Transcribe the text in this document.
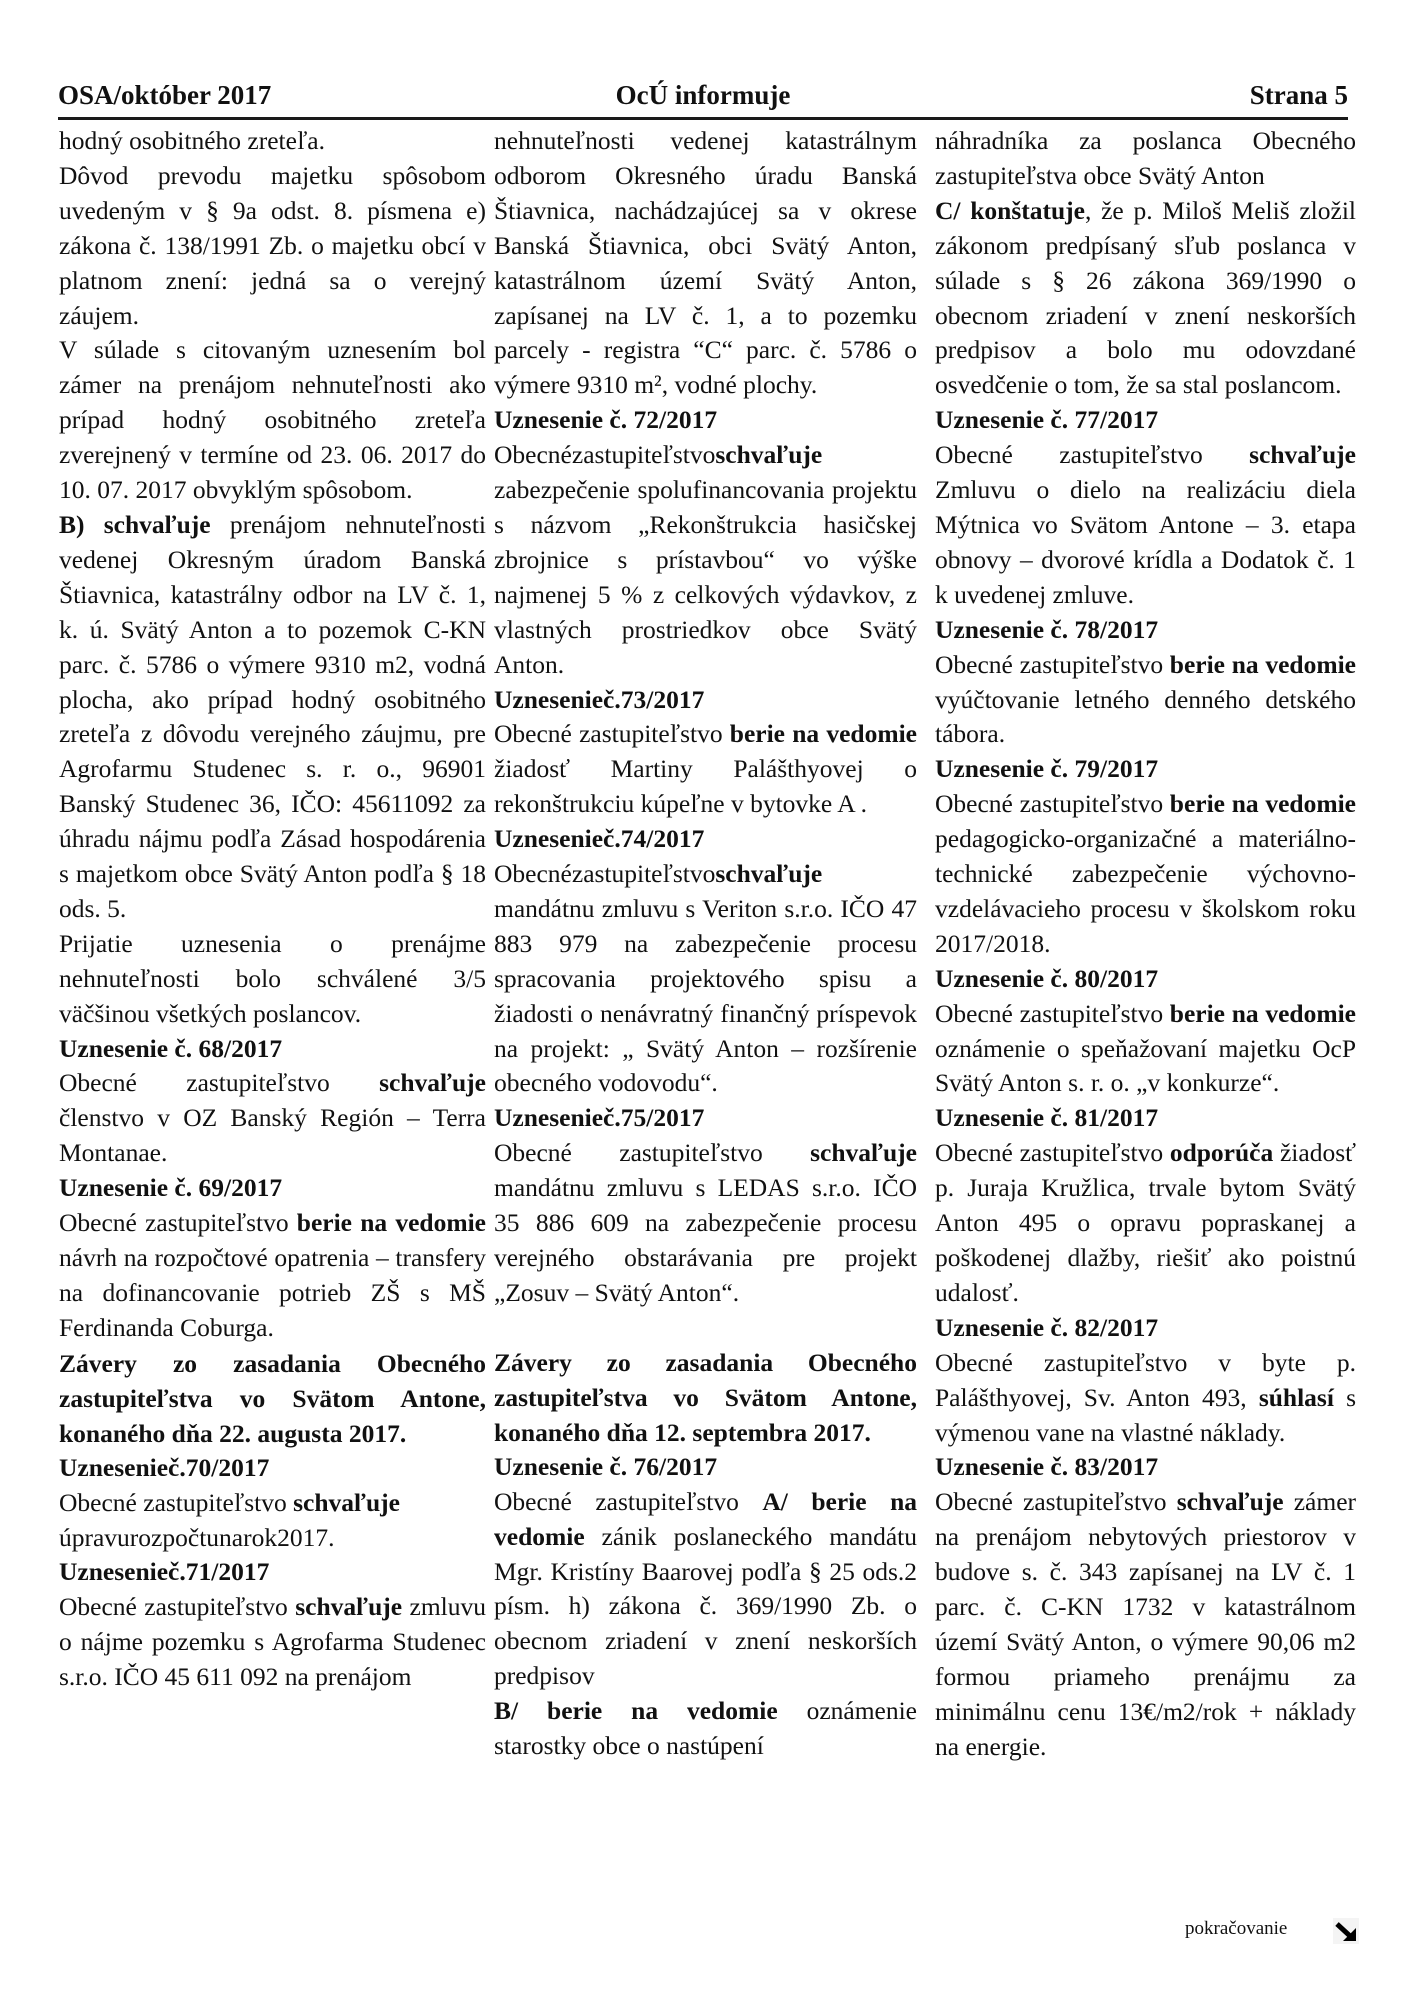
OSA/október 2017	OcÚ informuje	Strana 5

hodný osobitného zreteľa.

Dôvod prevodu majetku spôsobom uvedeným v § 9a odst. 8. písmena e) zákona č. 138/1991 Zb. o majetku obcí v platnom znení: jedná sa o verejný záujem.

V súlade s citovaným uznesením bol zámer na prenájom nehnuteľnosti ako prípad hodný osobitného zreteľa zverejnený v termíne od 23. 06. 2017 do 10. 07. 2017 obvyklým spôsobom.

B) schvaľuje prenájom nehnuteľnosti vedenej Okresným úradom Banská Štiavnica, katastrálny odbor na LV č. 1, k. ú. Svätý Anton a to pozemok C-KN parc. č. 5786 o výmere 9310 m2, vodná plocha, ako prípad hodný osobitného zreteľa z dôvodu verejného záujmu, pre Agrofarmu Studenec s. r. o., 96901 Banský Studenec 36, IČO: 45611092 za úhradu nájmu podľa Zásad hospodárenia s majetkom obce Svätý Anton podľa § 18 ods. 5.

Prijatie uznesenia o prenájme nehnuteľnosti bolo schválené 3/5 väčšinou všetkých poslancov.

Uznesenie č. 68/2017

Obecné zastupiteľstvo schvaľuje členstvo v OZ Banský Región – Terra Montanae.

Uznesenie č. 69/2017

Obecné zastupiteľstvo berie na vedomie návrh na rozpočtové opatrenia – transfery na dofinancovanie potrieb ZŠ s MŠ Ferdinanda Coburga.

Závery zo zasadania Obecného zastupiteľstva vo Svätom Antone, konaného dňa 22. augusta 2017.

Uznesenieč.70/2017

Obecné zastupiteľstvo schvaľuje úpravurozpočtunarok2017.

Uznesenieč.71/2017

Obecné zastupiteľstvo schvaľuje zmluvu o nájme pozemku s Agrofarma Studenec s.r.o. IČO 45 611 092 na prenájom

nehnuteľnosti vedenej katastrálnym odborom Okresného úradu Banská Štiavnica, nachádzajúcej sa v okrese Banská Štiavnica, obci Svätý Anton, katastrálnom území Svätý Anton, zapísanej na LV č. 1, a to pozemku parcely - registra “C“ parc. č. 5786 o výmere 9310 m², vodné plochy.

Uznesenie č. 72/2017

Obecnézastupiteľstvoschvaľuje zabezpečenie spolufinancovania projektu s názvom „Rekonštrukcia hasičskej zbrojnice s prístavbou“ vo výške najmenej 5 % z celkových výdavkov, z vlastných prostriedkov obce Svätý Anton.

Uznesenieč.73/2017

Obecné zastupiteľstvo berie na vedomie žiadosť Martiny Palášthyovej o rekonštrukciu kúpeľne v bytovke A .

Uznesenieč.74/2017

Obecnézastupiteľstvoschvaľuje mandátnu zmluvu s Veriton s.r.o. IČO 47 883 979 na zabezpečenie procesu spracovania projektového spisu a žiadosti o nenávratný finančný príspevok na projekt: „ Svätý Anton – rozšírenie obecného vodovodu“.

Uznesenieč.75/2017

Obecné zastupiteľstvo schvaľuje mandátnu zmluvu s LEDAS s.r.o. IČO 35 886 609 na zabezpečenie procesu verejného obstarávania pre projekt „Zosuv – Svätý Anton“.

Závery zo zasadania Obecného zastupiteľstva vo Svätom Antone, konaného dňa 12. septembra 2017.

Uznesenie č. 76/2017

Obecné zastupiteľstvo A/ berie na vedomie zánik poslaneckého mandátu Mgr. Kristíny Baarovej podľa § 25 ods.2 písm. h) zákona č. 369/1990 Zb. o obecnom zriadení v znení neskorších predpisov

B/ berie na vedomie oznámenie starostky obce o nastúpení

náhradníka za poslanca Obecného zastupiteľstva obce Svätý Anton

C/ konštatuje, že p. Miloš Meliš zložil zákonom predpísaný sľub poslanca v súlade s § 26 zákona 369/1990 o obecnom zriadení v znení neskorších predpisov a bolo mu odovzdané osvedčenie o tom, že sa stal poslancom.

Uznesenie č. 77/2017

Obecné zastupiteľstvo schvaľuje Zmluvu o dielo na realizáciu diela Mýtnica vo Svätom Antone – 3. etapa obnovy – dvorové krídla a Dodatok č. 1 k uvedenej zmluve.

Uznesenie č. 78/2017

Obecné zastupiteľstvo berie na vedomie vyúčtovanie letného denného detského tábora.

Uznesenie č. 79/2017

Obecné zastupiteľstvo berie na vedomie pedagogicko-organizačné a materiálno-technické zabezpečenie výchovno-vzdelávacieho procesu v školskom roku 2017/2018.

Uznesenie č. 80/2017

Obecné zastupiteľstvo berie na vedomie oznámenie o speňažovaní majetku OcP Svätý Anton s. r. o. „v konkurze“.

Uznesenie č. 81/2017

Obecné zastupiteľstvo odporúča žiadosť p. Juraja Kružlica, trvale bytom Svätý Anton 495 o opravu popraskanej a poškodenej dlažby, riešiť ako poistnú udalosť.

Uznesenie č. 82/2017

Obecné zastupiteľstvo v byte p. Palášthyovej, Sv. Anton 493, súhlasí s výmenou vane na vlastné náklady.

Uznesenie č. 83/2017

Obecné zastupiteľstvo schvaľuje zámer na prenájom nebytových priestorov v budove s. č. 343 zapísanej na LV č. 1 parc. č. C-KN 1732 v katastrálnom území Svätý Anton, o výmere 90,06 m2 formou priameho prenájmu za minimálnu cenu 13€/m2/rok + náklady na energie.

pokračovanie
